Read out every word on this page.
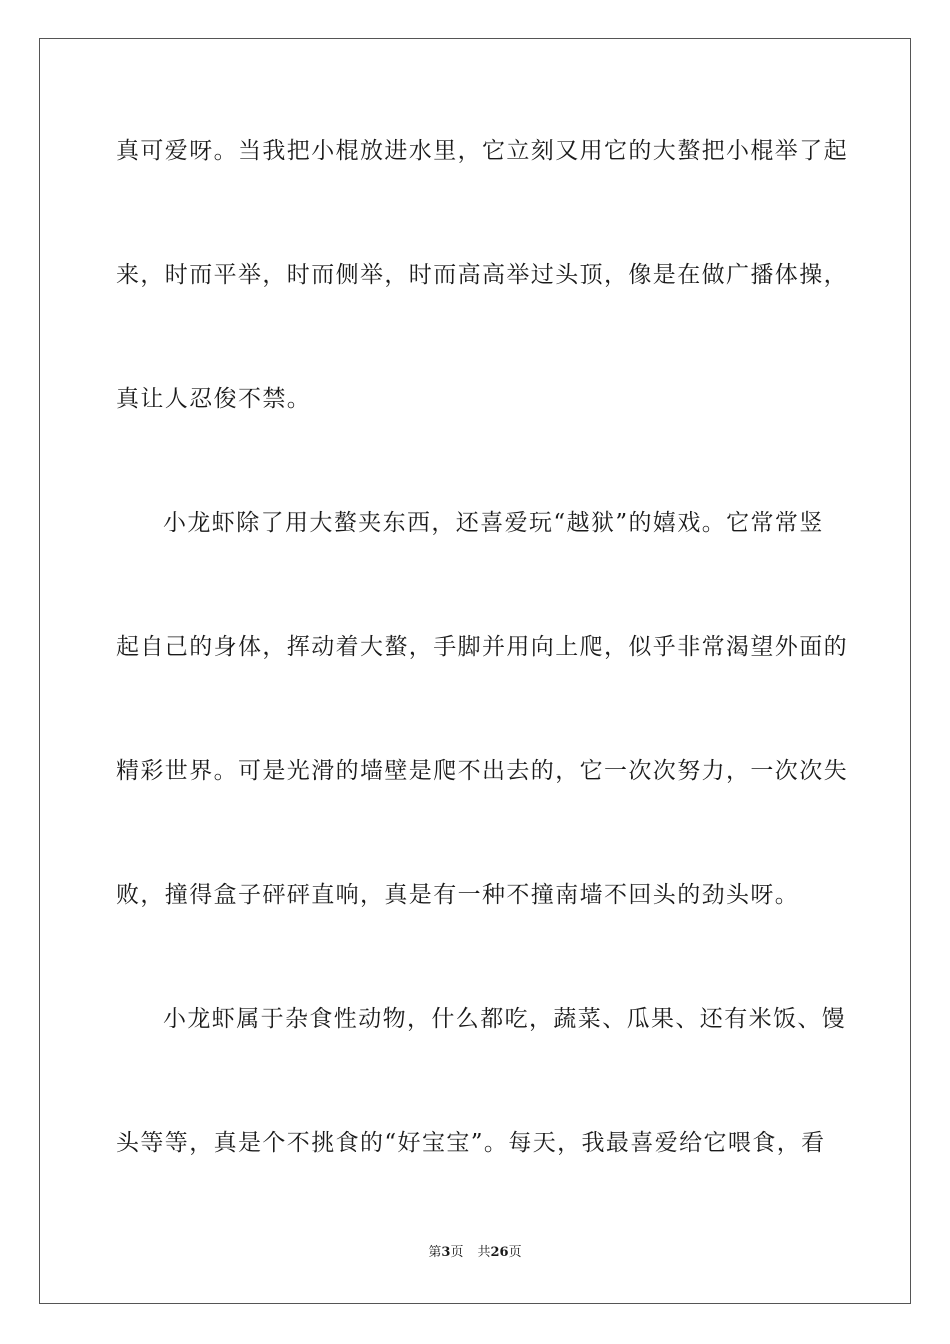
真可爱呀。当我把小棍放进水里，它立刻又用它的大螯把小棍举了起
来，时而平举，时而侧举，时而高高举过头顶，像是在做广播体操，
真让人忍俊不禁。
小龙虾除了用大螯夹东西，还喜爱玩“越狱”的嬉戏。它常常竖
起自己的身体，挥动着大螯，手脚并用向上爬，似乎非常渴望外面的
精彩世界。可是光滑的墙壁是爬不出去的，它一次次努力，一次次失
败，撞得盒子砰砰直响，真是有一种不撞南墙不回头的劲头呀。
小龙虾属于杂食性动物，什么都吃，蔬菜、瓜果、还有米饭、馒
头等等，真是个不挑食的“好宝宝”。每天，我最喜爱给它喂食，看
第3页 共26页
